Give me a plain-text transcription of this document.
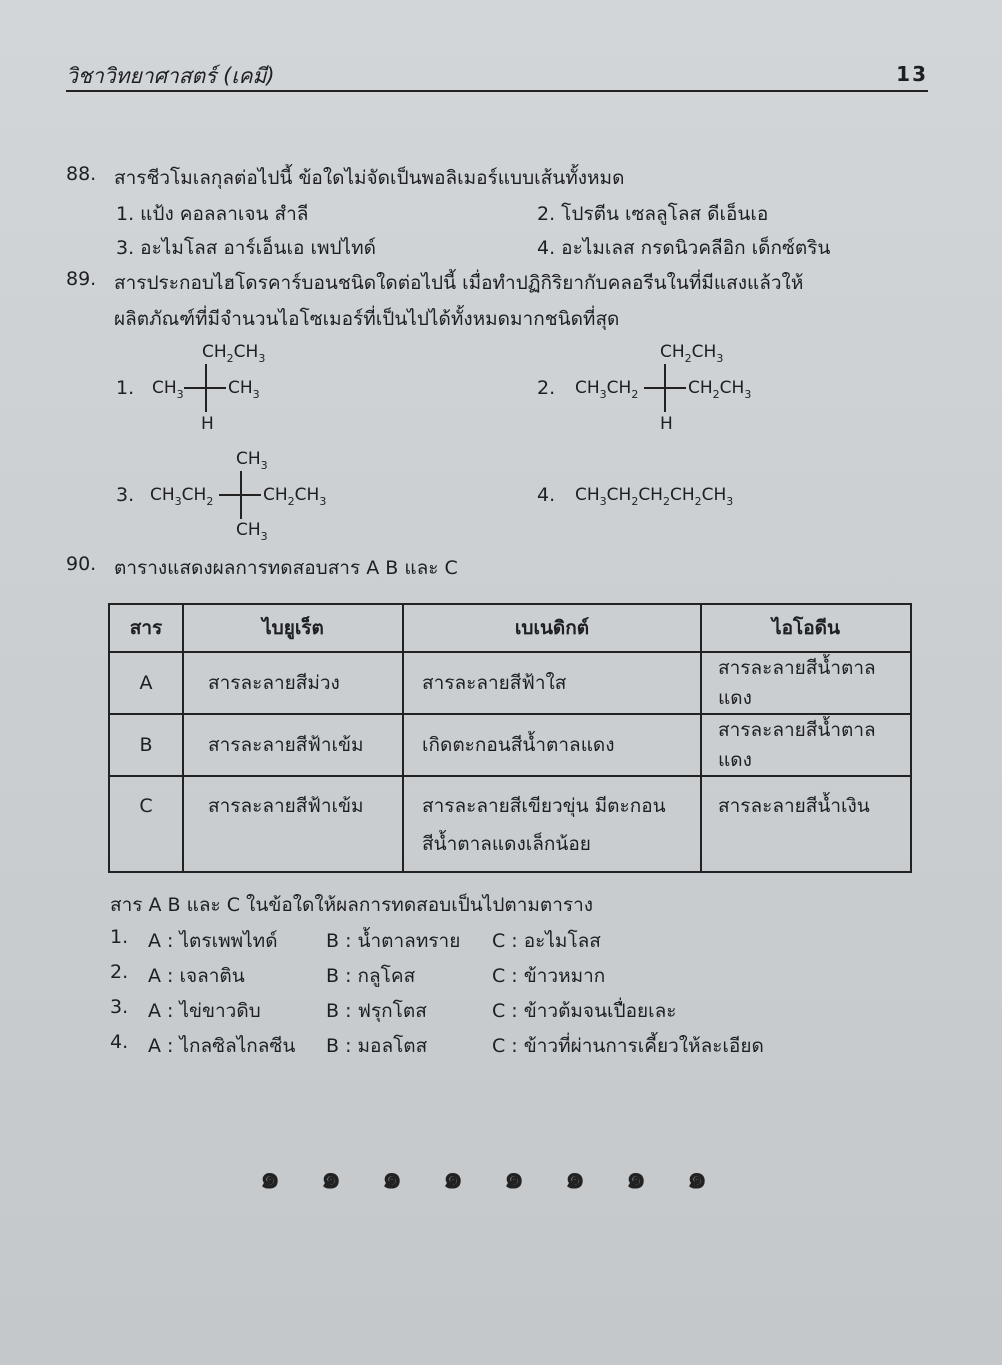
วิชาวิทยาศาสตร์ (เคมี)	13
88. สารชีวโมเลกุลต่อไปนี้ ข้อใดไม่จัดเป็นพอลิเมอร์แบบเส้นทั้งหมด
1. แป้ง คอลลาเจน สำลี	2. โปรตีน เซลลูโลส ดีเอ็นเอ
3. อะไมโลส อาร์เอ็นเอ เพปไทด์	4. อะไมเลส กรดนิวคลีอิก เด็กซ์ตริน
89. สารประกอบไฮโดรคาร์บอนชนิดใดต่อไปนี้ เมื่อทำปฏิกิริยากับคลอรีนในที่มีแสงแล้วให้
ผลิตภัณฑ์ที่มีจำนวนไอโซเมอร์ที่เป็นไปได้ทั้งหมดมากชนิดที่สุด
1.
$CH_2CH_3$
$CH_3$	$CH_3$
H
2.
$CH_2CH_3$
$CH_3CH_2$	$CH_2CH_3$
H
3.
$CH_3$
$CH_3CH_2$	$CH_2CH_3$
$CH_3$
4. $CH_3CH_2CH_2CH_2CH_3$
90. ตารางแสดงผลการทดสอบสาร A B และ C
สาร	ไบยูเร็ต	เบเนดิกต์	ไอโอดีน
A	สารละลายสีม่วง	สารละลายสีฟ้าใส	สารละลายสีน้ำตาลแดง
B	สารละลายสีฟ้าเข้ม	เกิดตะกอนสีน้ำตาลแดง	สารละลายสีน้ำตาลแดง
C	สารละลายสีฟ้าเข้ม	สารละลายสีเขียวขุ่น มีตะกอน
สีน้ำตาลแดงเล็กน้อย	สารละลายสีน้ำเงิน
สาร A B และ C ในข้อใดให้ผลการทดสอบเป็นไปตามตาราง
1. A : ไตรเพพไทด์	B : น้ำตาลทราย C : อะไมโลส
2. A : เจลาติน	B : กลูโคส	C : ข้าวหมาก
3. A : ไข่ขาวดิบ	B : ฟรุกโตส	C : ข้าวต้มจนเปื่อยเละ
4. A : ไกลซิลไกลซีน B : มอลโตส	C : ข้าวที่ผ่านการเคี้ยวให้ละเอียด
๑	๑	๑	๑	๑	๑	๑	๑
